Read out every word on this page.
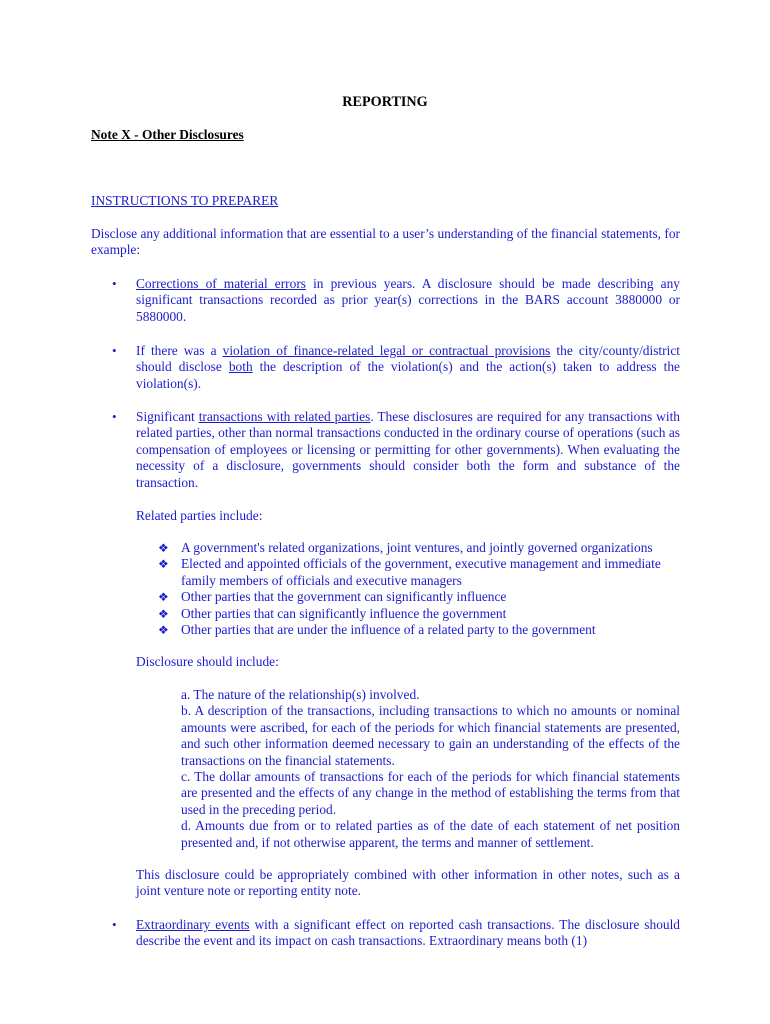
REPORTING
Note X - Other Disclosures
INSTRUCTIONS TO PREPARER
Disclose any additional information that are essential to a user’s understanding of the financial statements, for example:
• Corrections of material errors in previous years. A disclosure should be made describing any significant transactions recorded as prior year(s) corrections in the BARS account 3880000 or 5880000.
• If there was a violation of finance-related legal or contractual provisions the city/county/district should disclose both the description of the violation(s) and the action(s) taken to address the violation(s).
• Significant transactions with related parties. These disclosures are required for any transactions with related parties, other than normal transactions conducted in the ordinary course of operations (such as compensation of employees or licensing or permitting for other governments). When evaluating the necessity of a disclosure, governments should consider both the form and substance of the transaction.
Related parties include:
❖ A government's related organizations, joint ventures, and jointly governed organizations
❖ Elected and appointed officials of the government, executive management and immediate family members of officials and executive managers
❖ Other parties that the government can significantly influence
❖ Other parties that can significantly influence the government
❖ Other parties that are under the influence of a related party to the government
Disclosure should include:

a. The nature of the relationship(s) involved.

b. A description of the transactions, including transactions to which no amounts or nominal amounts were ascribed, for each of the periods for which financial statements are presented, and such other information deemed necessary to gain an understanding of the effects of the transactions on the financial statements.

c. The dollar amounts of transactions for each of the periods for which financial statements are presented and the effects of any change in the method of establishing the terms from that used in the preceding period.

d. Amounts due from or to related parties as of the date of each statement of net position presented and, if not otherwise apparent, the terms and manner of settlement.

This disclosure could be appropriately combined with other information in other notes, such as a joint venture note or reporting entity note.
• Extraordinary events with a significant effect on reported cash transactions. The disclosure should describe the event and its impact on cash transactions. Extraordinary means both (1)
